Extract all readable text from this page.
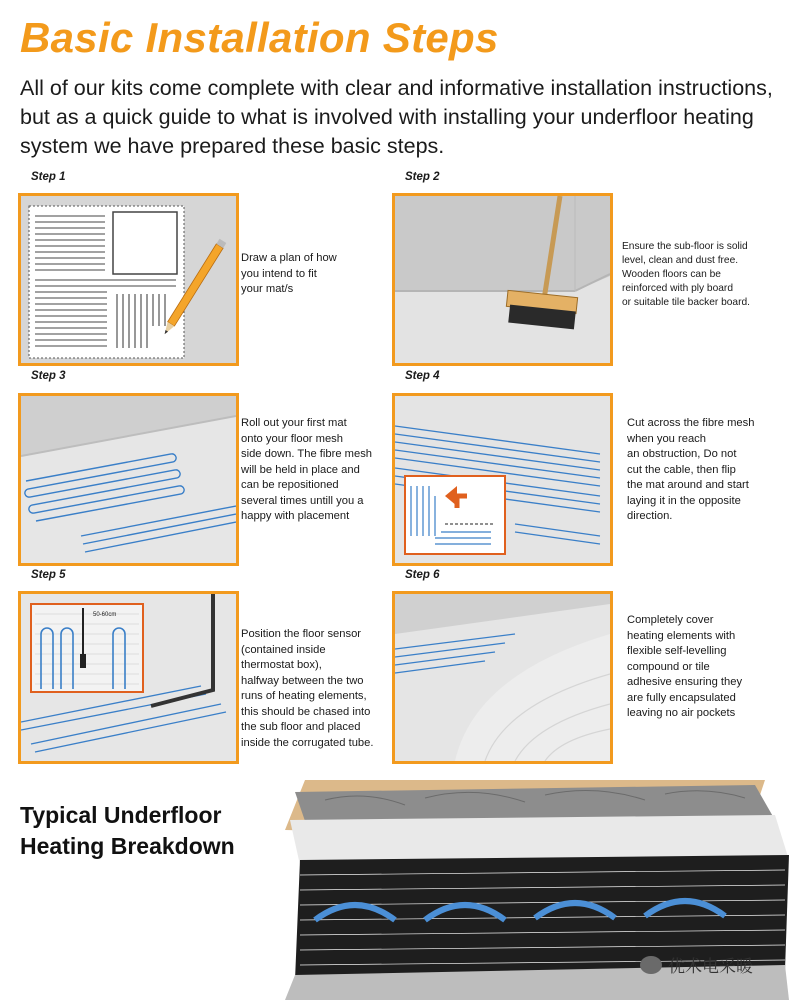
Basic Installation Steps
All of our kits come complete with clear and informative installation instructions, but as a quick guide to what is involved with installing your underfloor heating system we have prepared these basic steps.
Step 1
Draw a plan of how
you intend to fit
your mat/s
Step 2
Ensure the sub-floor is solid
level, clean and dust free.
Wooden floors can be
reinforced with ply board
or suitable tile backer board.
Step 3
Roll out your first mat
onto your floor mesh
side down. The fibre mesh
will be held in place and
can be repositioned
several times untill you a
happy with placement
Step 4
Cut across the fibre mesh
when you reach
an obstruction, Do not
cut the cable, then flip
the mat around and start
laying it in the opposite
direction.
Step 5
50-60cm
Position the floor sensor
(contained inside
thermostat box),
halfway between the two
runs of heating elements,
this should be chased into
the sub floor and placed
inside the corrugated tube.
Step 6
Completely cover
heating elements with
flexible self-levelling
compound or tile
adhesive ensuring they
are fully encapsulated
leaving no air pockets
Typical Underfloor
Heating Breakdown
优术电采暖
